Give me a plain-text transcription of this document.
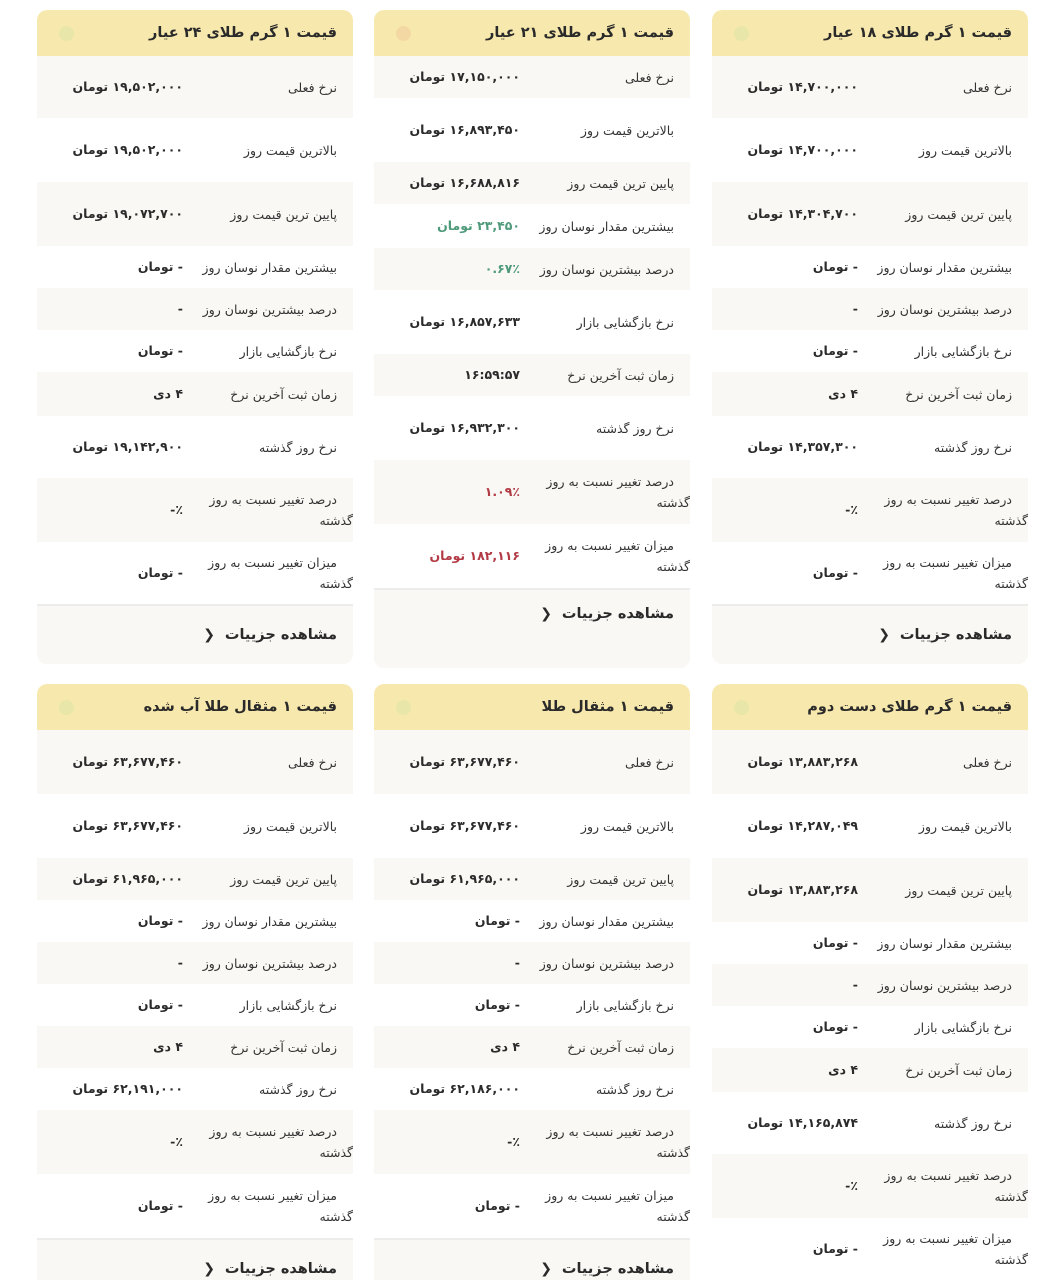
قیمت ۱ گرم طلای ۱۸ عیار
نرخ فعلی
۱۴,۷۰۰,۰۰۰ تومان
بالاترین قیمت روز
۱۴,۷۰۰,۰۰۰ تومان
پایین ترین قیمت روز
۱۴,۳۰۴,۷۰۰ تومان
بیشترین مقدار نوسان روز
- تومان
درصد بیشترین نوسان روز
-
نرخ بازگشایی بازار
- تومان
زمان ثبت آخرین نرخ
۴ دی
نرخ روز گذشته
۱۴,۳۵۷,۳۰۰ تومان
درصد تغییر نسبت به روز گذشته
٪-
میزان تغییر نسبت به روز گذشته
- تومان
مشاهده جزییات
❮
قیمت ۱ گرم طلای ۲۱ عیار
نرخ فعلی
۱۷,۱۵۰,۰۰۰ تومان
بالاترین قیمت روز
۱۶,۸۹۳,۴۵۰ تومان
پایین ترین قیمت روز
۱۶,۶۸۸,۸۱۶ تومان
بیشترین مقدار نوسان روز
۲۳,۴۵۰ تومان
درصد بیشترین نوسان روز
۰.۶۷٪
نرخ بازگشایی بازار
۱۶,۸۵۷,۶۳۳ تومان
زمان ثبت آخرین نرخ
۱۶:۵۹:۵۷
نرخ روز گذشته
۱۶,۹۳۲,۳۰۰ تومان
درصد تغییر نسبت به روز گذشته
۱.۰۹٪
میزان تغییر نسبت به روز گذشته
۱۸۲,۱۱۶ تومان
مشاهده جزییات
❮
قیمت ۱ گرم طلای ۲۴ عیار
نرخ فعلی
۱۹,۵۰۲,۰۰۰ تومان
بالاترین قیمت روز
۱۹,۵۰۲,۰۰۰ تومان
پایین ترین قیمت روز
۱۹,۰۷۲,۷۰۰ تومان
بیشترین مقدار نوسان روز
- تومان
درصد بیشترین نوسان روز
-
نرخ بازگشایی بازار
- تومان
زمان ثبت آخرین نرخ
۴ دی
نرخ روز گذشته
۱۹,۱۴۲,۹۰۰ تومان
درصد تغییر نسبت به روز گذشته
٪-
میزان تغییر نسبت به روز گذشته
- تومان
مشاهده جزییات
❮
قیمت ۱ گرم طلای دست دوم
نرخ فعلی
۱۳,۸۸۳,۲۶۸ تومان
بالاترین قیمت روز
۱۴,۲۸۷,۰۴۹ تومان
پایین ترین قیمت روز
۱۳,۸۸۳,۲۶۸ تومان
بیشترین مقدار نوسان روز
- تومان
درصد بیشترین نوسان روز
-
نرخ بازگشایی بازار
- تومان
زمان ثبت آخرین نرخ
۴ دی
نرخ روز گذشته
۱۴,۱۶۵,۸۷۴ تومان
درصد تغییر نسبت به روز گذشته
٪-
میزان تغییر نسبت به روز گذشته
- تومان
قیمت ۱ مثقال طلا
نرخ فعلی
۶۳,۶۷۷,۴۶۰ تومان
بالاترین قیمت روز
۶۳,۶۷۷,۴۶۰ تومان
پایین ترین قیمت روز
۶۱,۹۶۵,۰۰۰ تومان
بیشترین مقدار نوسان روز
- تومان
درصد بیشترین نوسان روز
-
نرخ بازگشایی بازار
- تومان
زمان ثبت آخرین نرخ
۴ دی
نرخ روز گذشته
۶۲,۱۸۶,۰۰۰ تومان
درصد تغییر نسبت به روز گذشته
٪-
میزان تغییر نسبت به روز گذشته
- تومان
مشاهده جزییات
❮
قیمت ۱ مثقال طلا آب شده
نرخ فعلی
۶۳,۶۷۷,۴۶۰ تومان
بالاترین قیمت روز
۶۳,۶۷۷,۴۶۰ تومان
پایین ترین قیمت روز
۶۱,۹۶۵,۰۰۰ تومان
بیشترین مقدار نوسان روز
- تومان
درصد بیشترین نوسان روز
-
نرخ بازگشایی بازار
- تومان
زمان ثبت آخرین نرخ
۴ دی
نرخ روز گذشته
۶۲,۱۹۱,۰۰۰ تومان
درصد تغییر نسبت به روز گذشته
٪-
میزان تغییر نسبت به روز گذشته
- تومان
مشاهده جزییات
❮
